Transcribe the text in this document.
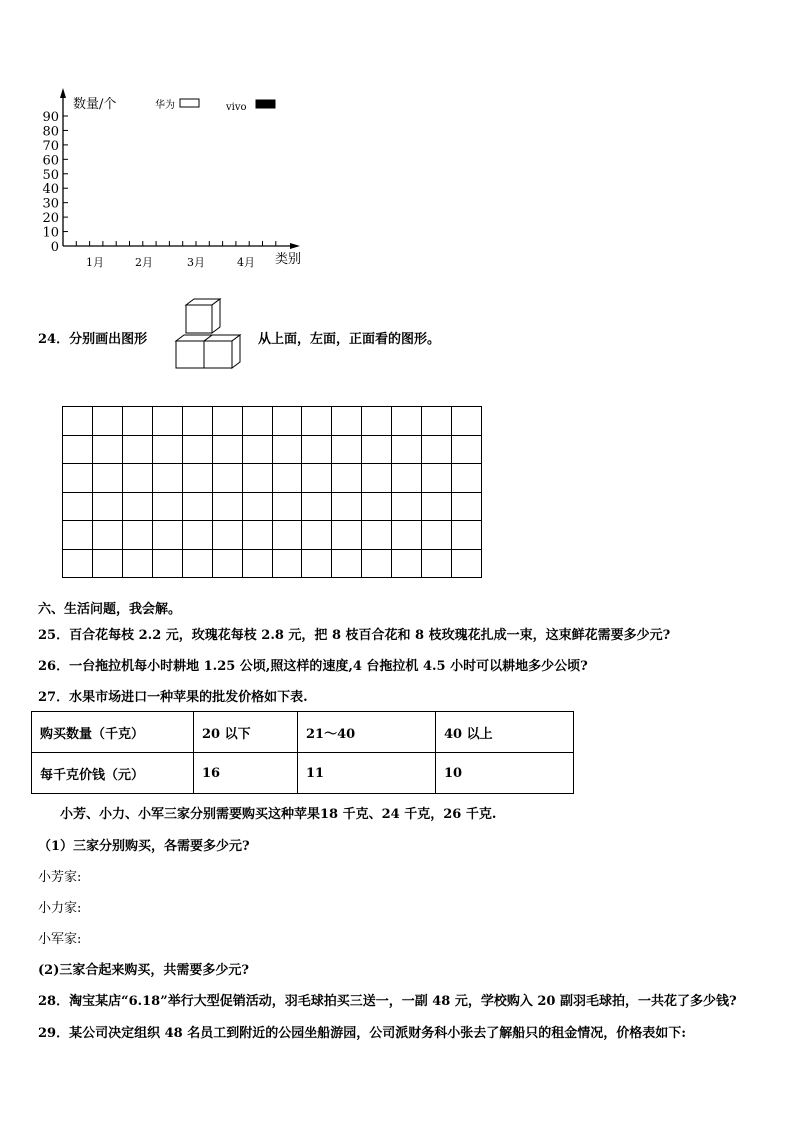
数量/个
类别
华为	vivo
90
80
70
60
50
40
30
20
10
0
1月	2月	3月	4月
24．分别画出图形	从上面，左面，正面看的图形。
六、生活问题，我会解。
25．百合花每枝 2.2 元，玫瑰花每枝 2.8 元，把 8 枝百合花和 8 枝玫瑰花扎成一束，这束鲜花需要多少元?
26．一台拖拉机每小时耕地 1.25 公顷,照这样的速度,4 台拖拉机 4.5 小时可以耕地多少公顷?
27．水果市场进口一种苹果的批发价格如下表.
购买数量（千克）	20 以下	21～40	40 以上
每千克价钱（元）	16	11	10
小芳、小力、小军三家分别需要购买这种苹果18 千克、24 千克，26 千克.
（1）三家分别购买，各需要多少元?
小芳家:
小力家:
小军家:
(2)三家合起来购买，共需要多少元?
28．淘宝某店“6.18”举行大型促销活动，羽毛球拍买三送一，一副 48 元，学校购入 20 副羽毛球拍，一共花了多少钱?
29．某公司决定组织 48 名员工到附近的公园坐船游园，公司派财务科小张去了解船只的租金情况，价格表如下:
